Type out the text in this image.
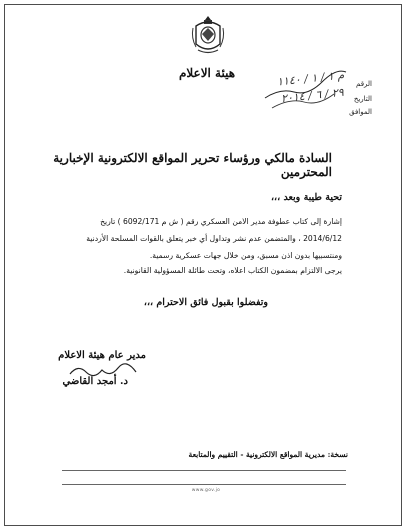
هيئة الاعلام
الرقم
م ١ / ١ / ١١٤٠
التاريخ
٢٩ / ٦ / ٢٠١٤
الموافق
السادة مالكي ورؤساء تحرير المواقع الالكترونية الإخبارية المحترمين
تحية طيبة وبعد ،،،
إشارة إلى كتاب عطوفة مدير الامن العسكري رقم ( ش م 6092/171 ) تاريخ
2014/6/12 ، والمتضمن عدم نشر وتداول أي خبر يتعلق بالقوات المسلحة الأردنية
ومنتسبيها بدون اذن مسبق، ومن خلال جهات عسكرية رسمية.
يرجى الالتزام بمضمون الكتاب اعلاه، وتحت طائلة المسؤولية القانونية.
وتفضلوا بقبول فائق الاحترام ،،،
مدير عام هيئة الاعلام
د. أمجد القاضي
نسخة: مديرية المواقع الالكترونية - التقييم والمتابعة
www.gov.jo
